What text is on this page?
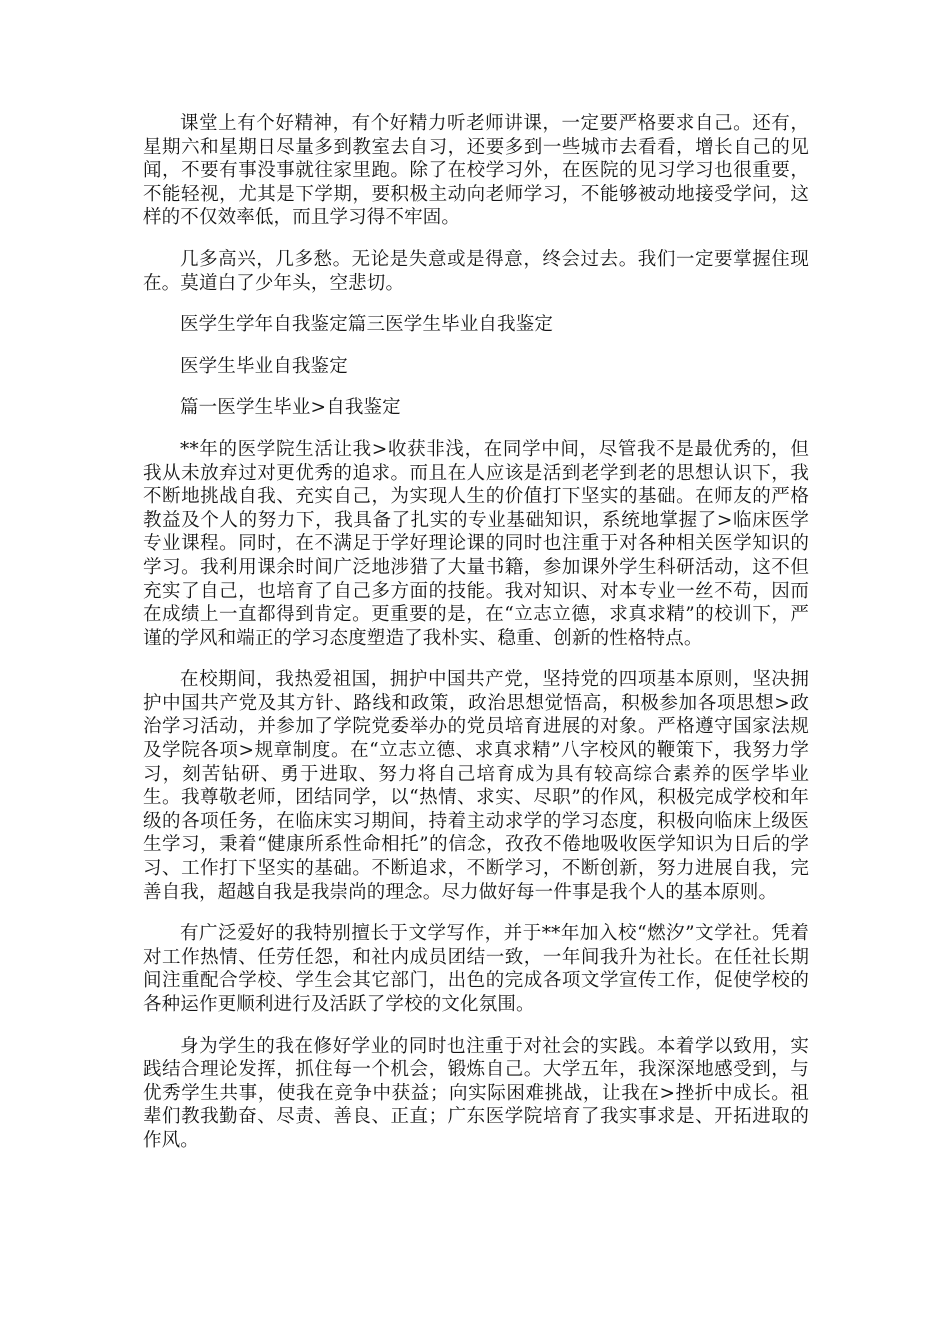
课堂上有个好精神，有个好精力听老师讲课，一定要严格要求自己。还有，星期六和星期日尽量多到教室去自习，还要多到一些城市去看看，增长自己的见闻，不要有事没事就往家里跑。除了在校学习外，在医院的见习学习也很重要，不能轻视，尤其是下学期，要积极主动向老师学习，不能够被动地接受学问，这样的不仅效率低，而且学习得不牢固。

几多高兴，几多愁。无论是失意或是得意，终会过去。我们一定要掌握住现在。莫道白了少年头，空悲切。

医学生学年自我鉴定篇三医学生毕业自我鉴定

医学生毕业自我鉴定

篇一医学生毕业>自我鉴定

**年的医学院生活让我>收获非浅，在同学中间，尽管我不是最优秀的，但我从未放弃过对更优秀的追求。而且在人应该是活到老学到老的思想认识下，我不断地挑战自我、充实自己，为实现人生的价值打下坚实的基础。在师友的严格教益及个人的努力下，我具备了扎实的专业基础知识，系统地掌握了>临床医学专业课程。同时，在不满足于学好理论课的同时也注重于对各种相关医学知识的学习。我利用课余时间广泛地涉猎了大量书籍，参加课外学生科研活动，这不但充实了自己，也培育了自己多方面的技能。我对知识、对本专业一丝不苟，因而在成绩上一直都得到肯定。更重要的是，在“立志立德，求真求精”的校训下，严谨的学风和端正的学习态度塑造了我朴实、稳重、创新的性格特点。

在校期间，我热爱祖国，拥护中国共产党，坚持党的四项基本原则，坚决拥护中国共产党及其方针、路线和政策，政治思想觉悟高，积极参加各项思想>政治学习活动，并参加了学院党委举办的党员培育进展的对象。严格遵守国家法规及学院各项>规章制度。在“立志立德、求真求精”八字校风的鞭策下，我努力学习，刻苦钻研、勇于进取、努力将自己培育成为具有较高综合素养的医学毕业生。我尊敬老师，团结同学，以“热情、求实、尽职”的作风，积极完成学校和年级的各项任务，在临床实习期间，持着主动求学的学习态度，积极向临床上级医生学习，秉着“健康所系性命相托”的信念，孜孜不倦地吸收医学知识为日后的学习、工作打下坚实的基础。不断追求，不断学习，不断创新，努力进展自我，完善自我，超越自我是我崇尚的理念。尽力做好每一件事是我个人的基本原则。

有广泛爱好的我特别擅长于文学写作，并于**年加入校“燃汐”文学社。凭着对工作热情、任劳任怨，和社内成员团结一致，一年间我升为社长。在任社长期间注重配合学校、学生会其它部门，出色的完成各项文学宣传工作，促使学校的各种运作更顺利进行及活跃了学校的文化氛围。

身为学生的我在修好学业的同时也注重于对社会的实践。本着学以致用，实践结合理论发挥，抓住每一个机会，锻炼自己。大学五年，我深深地感受到，与优秀学生共事，使我在竞争中获益；向实际困难挑战，让我在>挫折中成长。祖辈们教我勤奋、尽责、善良、正直；广东医学院培育了我实事求是、开拓进取的作风。
